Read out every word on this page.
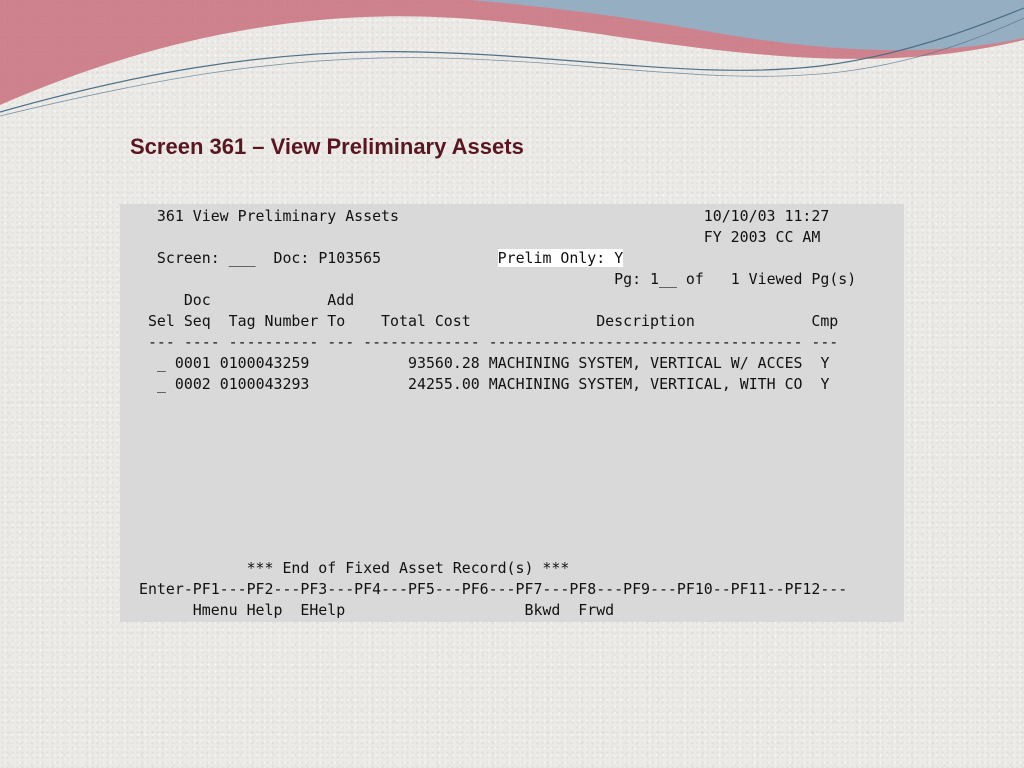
Screen 361 – View Preliminary Assets
361 View Preliminary Assets                                  10/10/03 11:27
FY 2003 CC AM
Screen: ___  Doc: P103565	Prelim Only: Y
Pg: 1__ of   1 Viewed Pg(s)
Doc             Add
Sel Seq  Tag Number To    Total Cost              Description             Cmp
--- ---- ---------- --- ------------- ----------------------------------- ---
_ 0001 0100043259	93560.28 MACHINING SYSTEM, VERTICAL W/ ACCES Y
_ 0002 0100043293	24255.00 MACHINING SYSTEM, VERTICAL, WITH CO Y
*** End of Fixed Asset Record(s) ***
Enter-PF1---PF2---PF3---PF4---PF5---PF6---PF7---PF8---PF9---PF10--PF11--PF12---
Hmenu Help  EHelp                    Bkwd  Frwd
